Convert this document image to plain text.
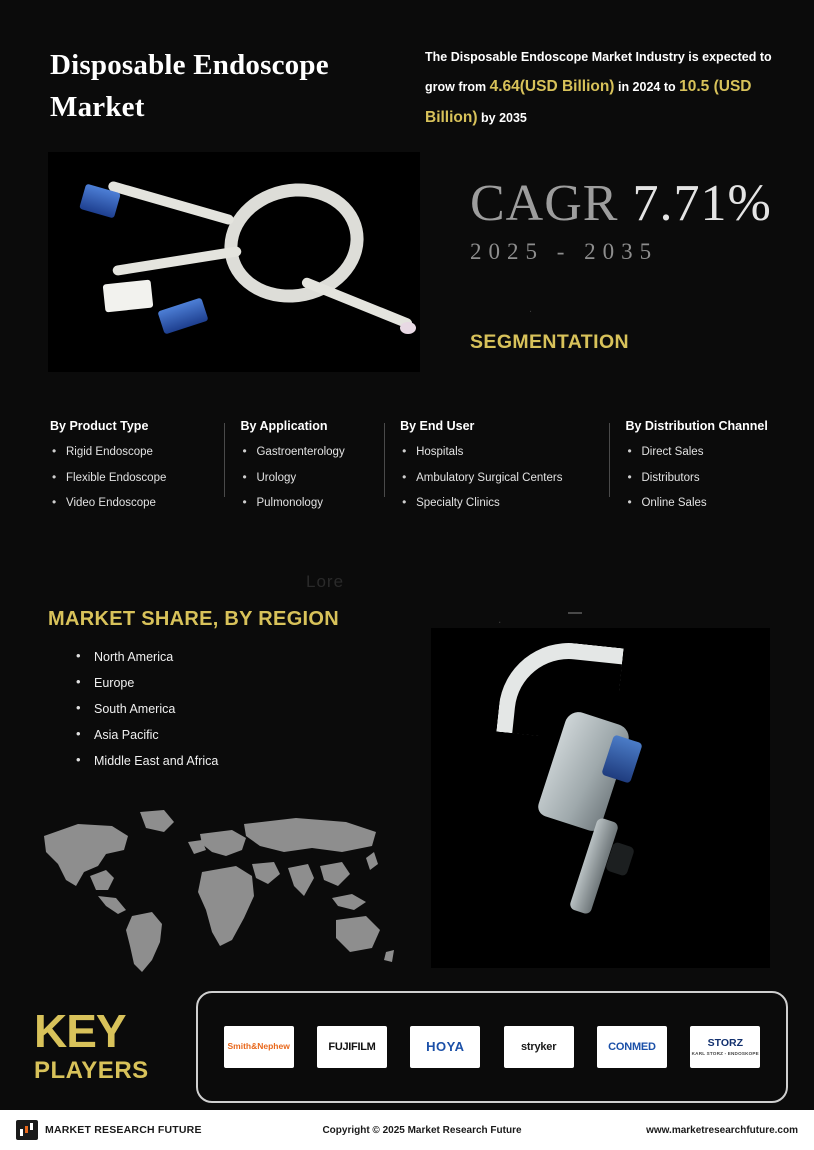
Disposable Endoscope Market
The Disposable Endoscope Market Industry is expected to grow from 4.64(USD Billion) in 2024 to 10.5 (USD Billion) by 2035
CAGR 7.71%
2025 - 2035
SEGMENTATION
.
By Product Type
• Rigid Endoscope
• Flexible Endoscope
• Video Endoscope
By Application
• Gastroenterology
• Urology
• Pulmonology
By End User
• Hospitals
• Ambulatory Surgical Centers
• Specialty Clinics
By Distribution Channel
• Direct Sales
• Distributors
• Online Sales
Lore
.
MARKET SHARE, BY REGION
• North America
• Europe
• South America
• Asia Pacific
• Middle East and Africa
KEY
PLAYERS
Smith&Nephew	FUJIFILM	HOYA	stryker	CONMED	STORZ
KARL STORZ - ENDOSKOPE
MARKET RESEARCH FUTURE	Copyright © 2025 Market Research Future	www.marketresearchfuture.com
